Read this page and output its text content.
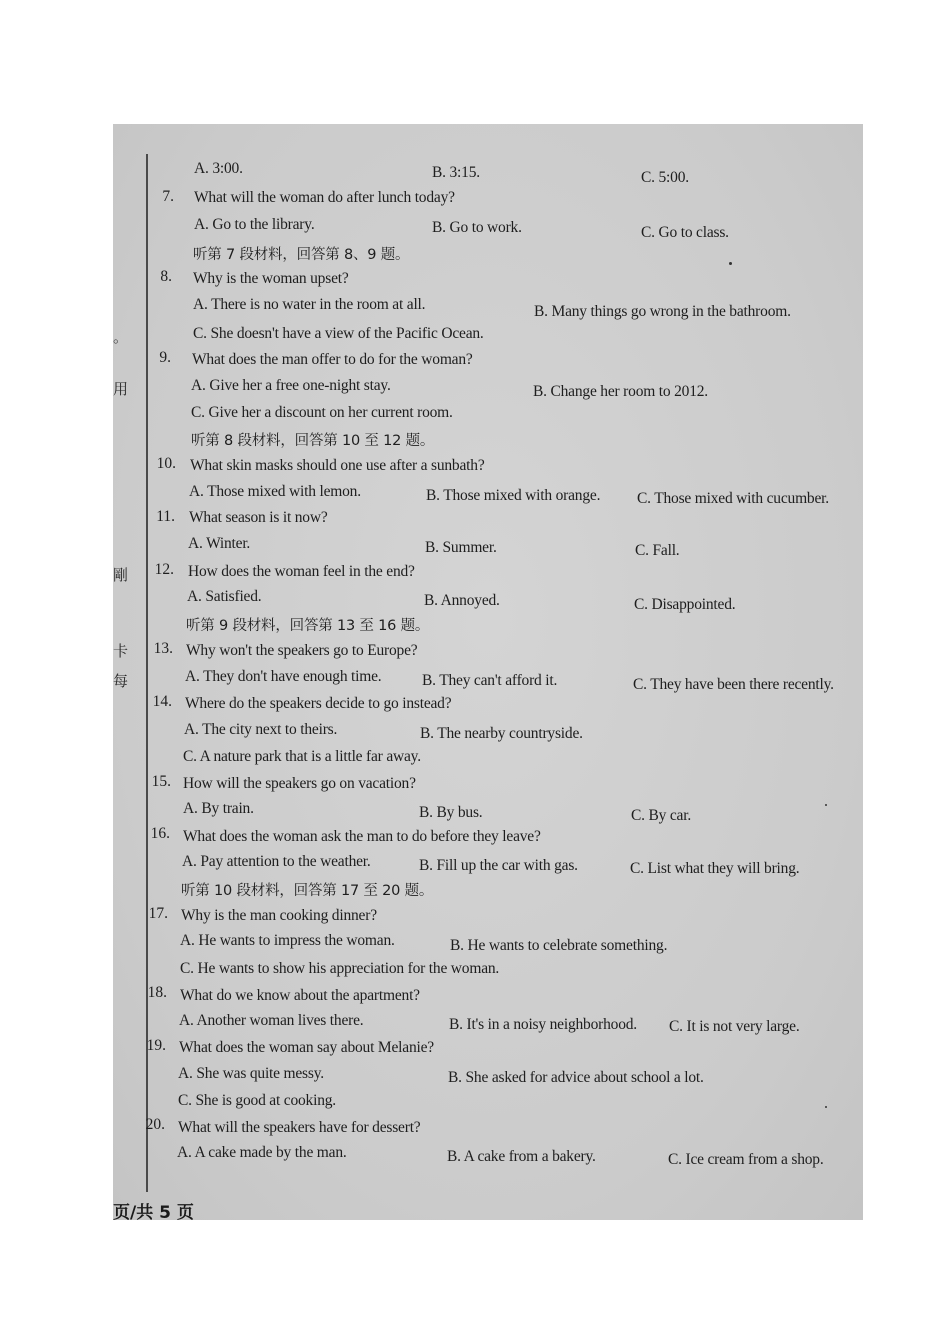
。
用
剛
卡
每
A. 3:00.	B. 3:15.	C. 5:00.
7. What will the woman do after lunch today?
A. Go to the library.	B. Go to work.	C. Go to class.
听第 7 段材料，回答第 8、9 题。
8. Why is the woman upset?
A. There is no water in the room at all.	B. Many things go wrong in the bathroom.
C. She doesn't have a view of the Pacific Ocean.
9. What does the man offer to do for the woman?
A. Give her a free one-night stay.	B. Change her room to 2012.
C. Give her a discount on her current room.
听第 8 段材料，回答第 10 至 12 题。
10. What skin masks should one use after a sunbath?
A. Those mixed with lemon.	B. Those mixed with orange. C. Those mixed with cucumber.
11. What season is it now?
A. Winter.	B. Summer.	C. Fall.
12. How does the woman feel in the end?
A. Satisfied.	B. Annoyed.	C. Disappointed.
听第 9 段材料，回答第 13 至 16 题。
13. Why won't the speakers go to Europe?
A. They don't have enough time.	B. They can't afford it.	C. They have been there recently.
14. Where do the speakers decide to go instead?
A. The city next to theirs.	B. The nearby countryside.
C. A nature park that is a little far away.
15. How will the speakers go on vacation?
A. By train.	B. By bus.	C. By car.
16. What does the woman ask the man to do before they leave?
A. Pay attention to the weather.	B. Fill up the car with gas.	C. List what they will bring.
听第 10 段材料，回答第 17 至 20 题。
17. Why is the man cooking dinner?
A. He wants to impress the woman.	B. He wants to celebrate something.
C. He wants to show his appreciation for the woman.
18. What do we know about the apartment?
A. Another woman lives there.	B. It's in a noisy neighborhood. C. It is not very large.
19. What does the woman say about Melanie?
A. She was quite messy.	B. She asked for advice about school a lot.
C. She is good at cooking.
20. What will the speakers have for dessert?
A. A cake made by the man.	B. A cake from a bakery.	C. Ice cream from a shop.
页/共 5 页
